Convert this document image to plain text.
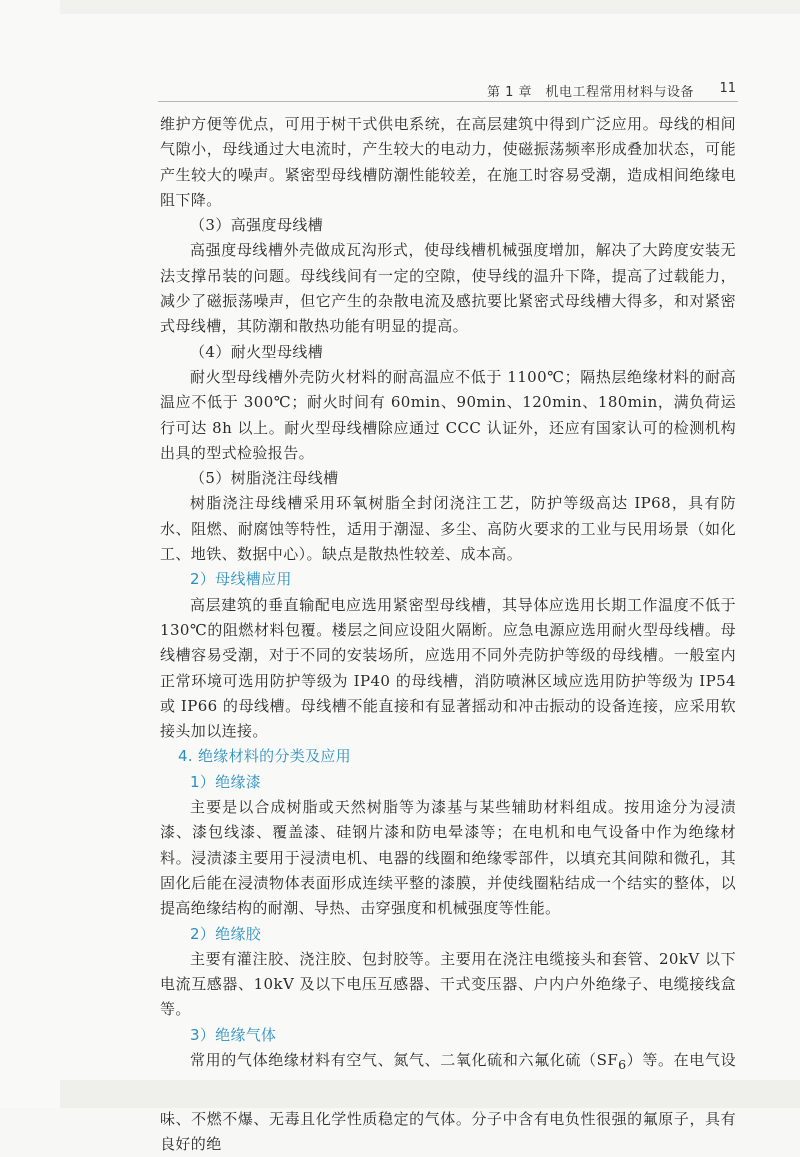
第 1 章　机电工程常用材料与设备 11

维护方便等优点，可用于树干式供电系统，在高层建筑中得到广泛应用。母线的相间气隙小，母线通过大电流时，产生较大的电动力，使磁振荡频率形成叠加状态，可能产生较大的噪声。紧密型母线槽防潮性能较差，在施工时容易受潮，造成相间绝缘电阻下降。

（3）高强度母线槽

高强度母线槽外壳做成瓦沟形式，使母线槽机械强度增加，解决了大跨度安装无法支撑吊装的问题。母线线间有一定的空隙，使导线的温升下降，提高了过载能力，减少了磁振荡噪声，但它产生的杂散电流及感抗要比紧密式母线槽大得多，和对紧密式母线槽，其防潮和散热功能有明显的提高。

（4）耐火型母线槽

耐火型母线槽外壳防火材料的耐高温应不低于 1100℃；隔热层绝缘材料的耐高温应不低于 300℃；耐火时间有 60min、90min、120min、180min，满负荷运行可达 8h 以上。耐火型母线槽除应通过 CCC 认证外，还应有国家认可的检测机构出具的型式检验报告。

（5）树脂浇注母线槽

树脂浇注母线槽采用环氧树脂全封闭浇注工艺，防护等级高达 IP68，具有防水、阻燃、耐腐蚀等特性，适用于潮湿、多尘、高防火要求的工业与民用场景（如化工、地铁、数据中心）。缺点是散热性较差、成本高。

2）母线槽应用

高层建筑的垂直输配电应选用紧密型母线槽，其导体应选用长期工作温度不低于130℃的阻燃材料包覆。楼层之间应设阻火隔断。应急电源应选用耐火型母线槽。母线槽容易受潮，对于不同的安装场所，应选用不同外壳防护等级的母线槽。一般室内正常环境可选用防护等级为 IP40 的母线槽，消防喷淋区域应选用防护等级为 IP54 或 IP66 的母线槽。母线槽不能直接和有显著摇动和冲击振动的设备连接，应采用软接头加以连接。

4. 绝缘材料的分类及应用

1）绝缘漆

主要是以合成树脂或天然树脂等为漆基与某些辅助材料组成。按用途分为浸渍漆、漆包线漆、覆盖漆、硅钢片漆和防电晕漆等；在电机和电气设备中作为绝缘材料。浸渍漆主要用于浸渍电机、电器的线圈和绝缘零部件，以填充其间隙和微孔，其固化后能在浸渍物体表面形成连续平整的漆膜，并使线圈粘结成一个结实的整体，以提高绝缘结构的耐潮、导热、击穿强度和机械强度等性能。

2）绝缘胶

主要有灌注胶、浇注胶、包封胶等。主要用在浇注电缆接头和套管、20kV 以下电流互感器、10kV 及以下电压互感器、干式变压器、户内户外绝缘子、电缆接线盒等。

3）绝缘气体

常用的气体绝缘材料有空气、氮气、二氧化硫和六氟化硫$(SF_6)$等。在电气设 味、不燃不爆、无毒且化学性质稳定的气体。分子中含有电负性很强的氟原子，具有良好的绝
